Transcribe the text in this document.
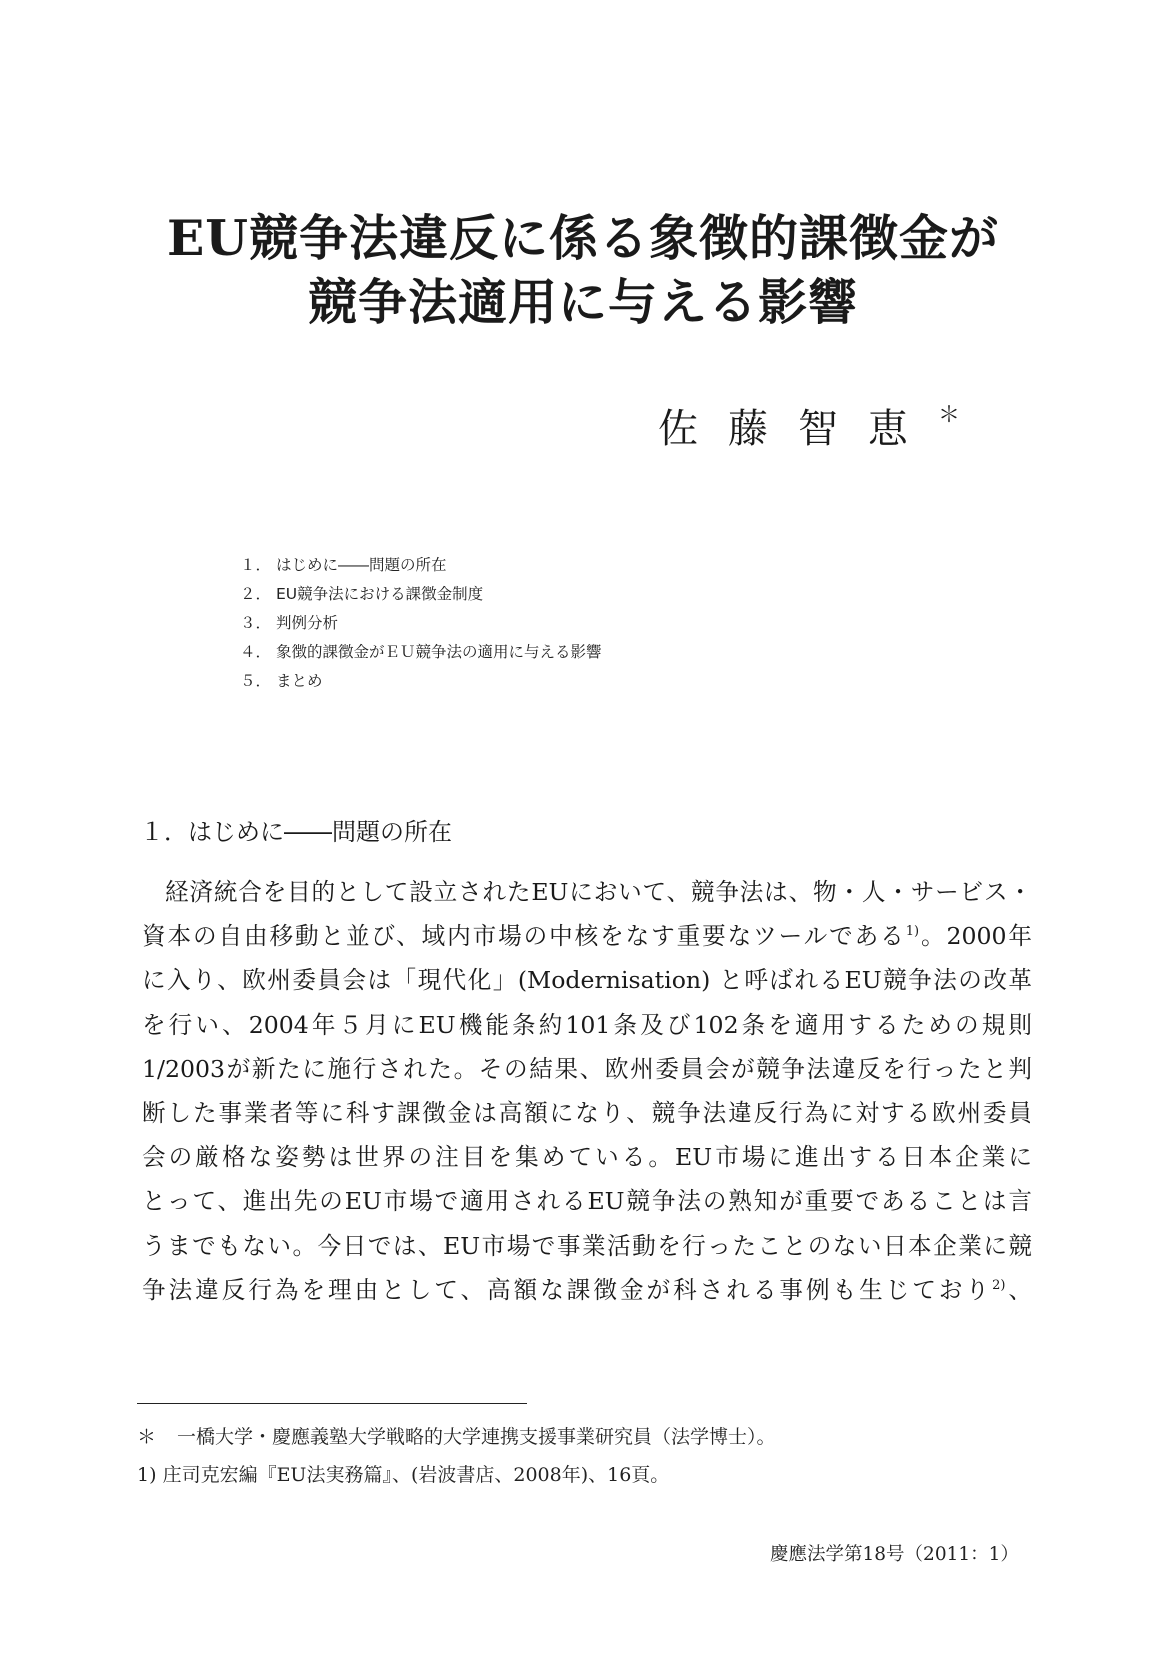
EU競争法違反に係る象徴的課徴金が
競争法適用に与える影響
佐藤智恵＊
１． はじめに――問題の所在
２． EU競争法における課徴金制度
３． 判例分析
４． 象徴的課徴金がＥＵ競争法の適用に与える影響
５． まとめ
１．はじめに――問題の所在
経済統合を目的として設立されたEUにおいて、競争法は、物・人・サービス・
資本の自由移動と並び、域内市場の中核をなす重要なツールである$^{1)}$。2000年
に入り、欧州委員会は「現代化」(Modernisation) と呼ばれるEU競争法の改革
を行い、2004年５月にEU機能条約101条及び102条を適用するための規則
1/2003が新たに施行された。その結果、欧州委員会が競争法違反を行ったと判
断した事業者等に科す課徴金は高額になり、競争法違反行為に対する欧州委員
会の厳格な姿勢は世界の注目を集めている。EU市場に進出する日本企業に
とって、進出先のEU市場で適用されるEU競争法の熟知が重要であることは言
うまでもない。今日では、EU市場で事業活動を行ったことのない日本企業に競
争法違反行為を理由として、高額な課徴金が科される事例も生じており$^{2)}$、
＊ 一橋大学・慶應義塾大学戦略的大学連携支援事業研究員（法学博士）。
1) 庄司克宏編『EU法実務篇』、(岩波書店、2008年)、16頁。
慶應法学第18号（2011：1）
